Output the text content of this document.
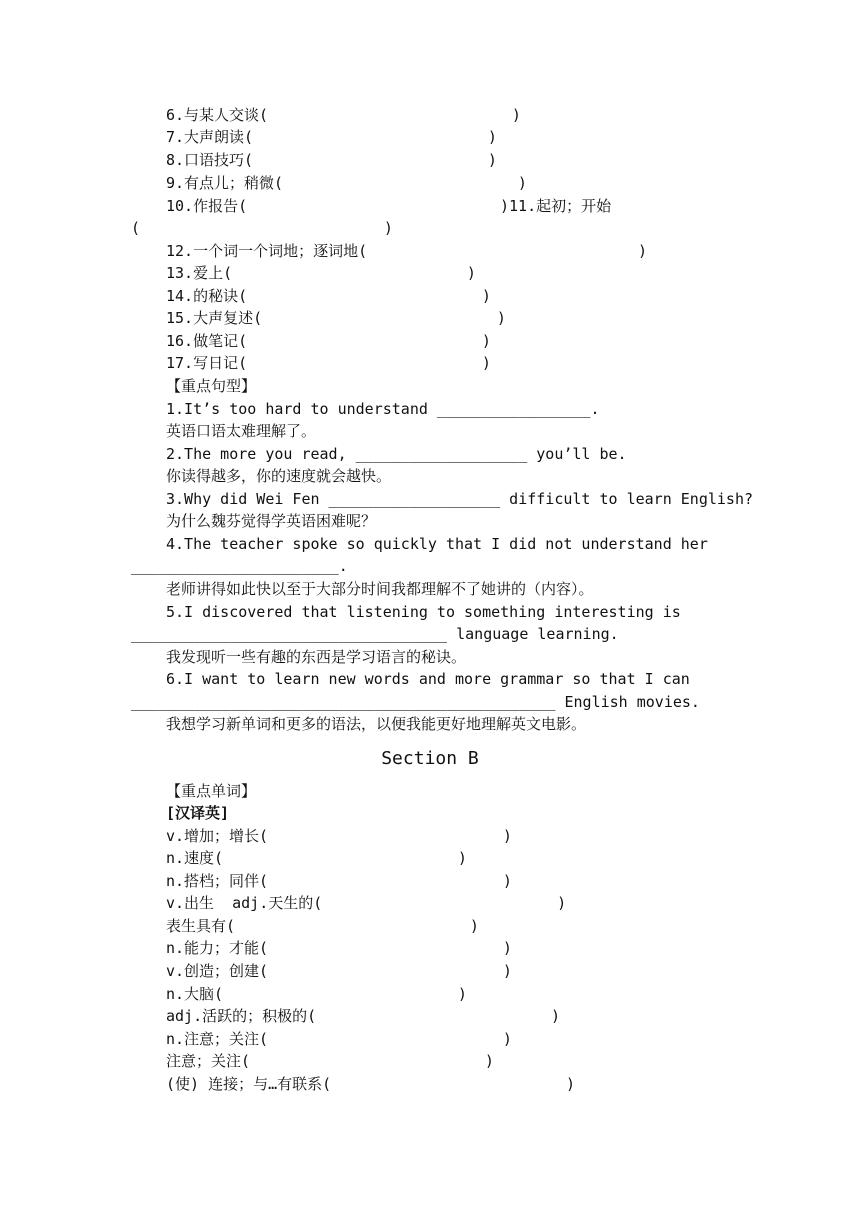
6.与某人交谈(                           )
7.大声朗读(                          )
8.口语技巧(                          )
9.有点儿；稍微(                          )
10.作报告(                            )11.起初；开始
(                           )
12.一个词一个词地；逐词地(                              )
13.爱上(                          )
14.的秘诀(                          )
15.大声复述(                          )
16.做笔记(                          )
17.写日记(                          )
【重点句型】
1.It’s too hard to understand _________________.
英语口语太难理解了。
2.The more you read, ___________________ you’ll be.
你读得越多，你的速度就会越快。
3.Why did Wei Fen ___________________ difficult to learn English?
为什么魏芬觉得学英语困难呢？
4.The teacher spoke so quickly that I did not understand her
_______________________.
老师讲得如此快以至于大部分时间我都理解不了她讲的（内容）。
5.I discovered that listening to something interesting is
___________________________________ language learning.
我发现听一些有趣的东西是学习语言的秘诀。
6.I want to learn new words and more grammar so that I can
_______________________________________________ English movies.
我想学习新单词和更多的语法，以便我能更好地理解英文电影。
Section B
【重点单词】
[汉译英]
v.增加；增长(                          )
n.速度(                          )
n.搭档；同伴(                          )
v.出生  adj.天生的(                          )
表生具有(                          )
n.能力；才能(                          )
v.创造；创建(                          )
n.大脑(                          )
adj.活跃的；积极的(                          )
n.注意；关注(                          )
注意；关注(                          )
(使) 连接；与…有联系(                          )
